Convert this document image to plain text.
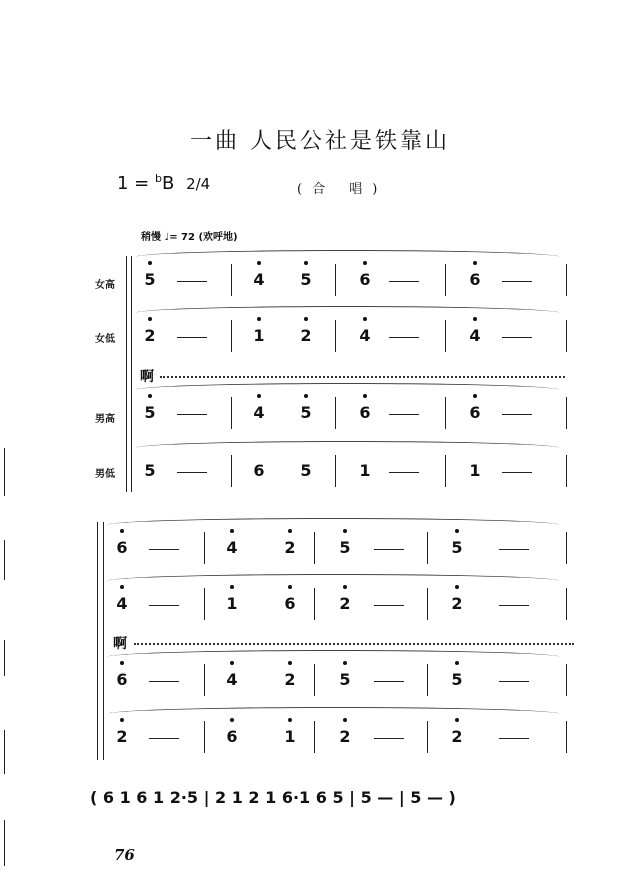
一曲 人民公社是铁靠山
1 = $^b$B 2/4	(合 唱)
稍慢 ♩= 72 (欢呼地)
女高
女低
男高
男低
啊
啊
5	4 5	6	6
2	1 2	4	4
5	4 5	6	6
5	6 5	1	1
6	4	2	5	5
4	1	6	2	2
6	4	2	5	5
2	6	1	2	2
( 6 1 6 1 2·5 | 2 1 2 1 6·1 6 5 | 5 — | 5 — )
76
